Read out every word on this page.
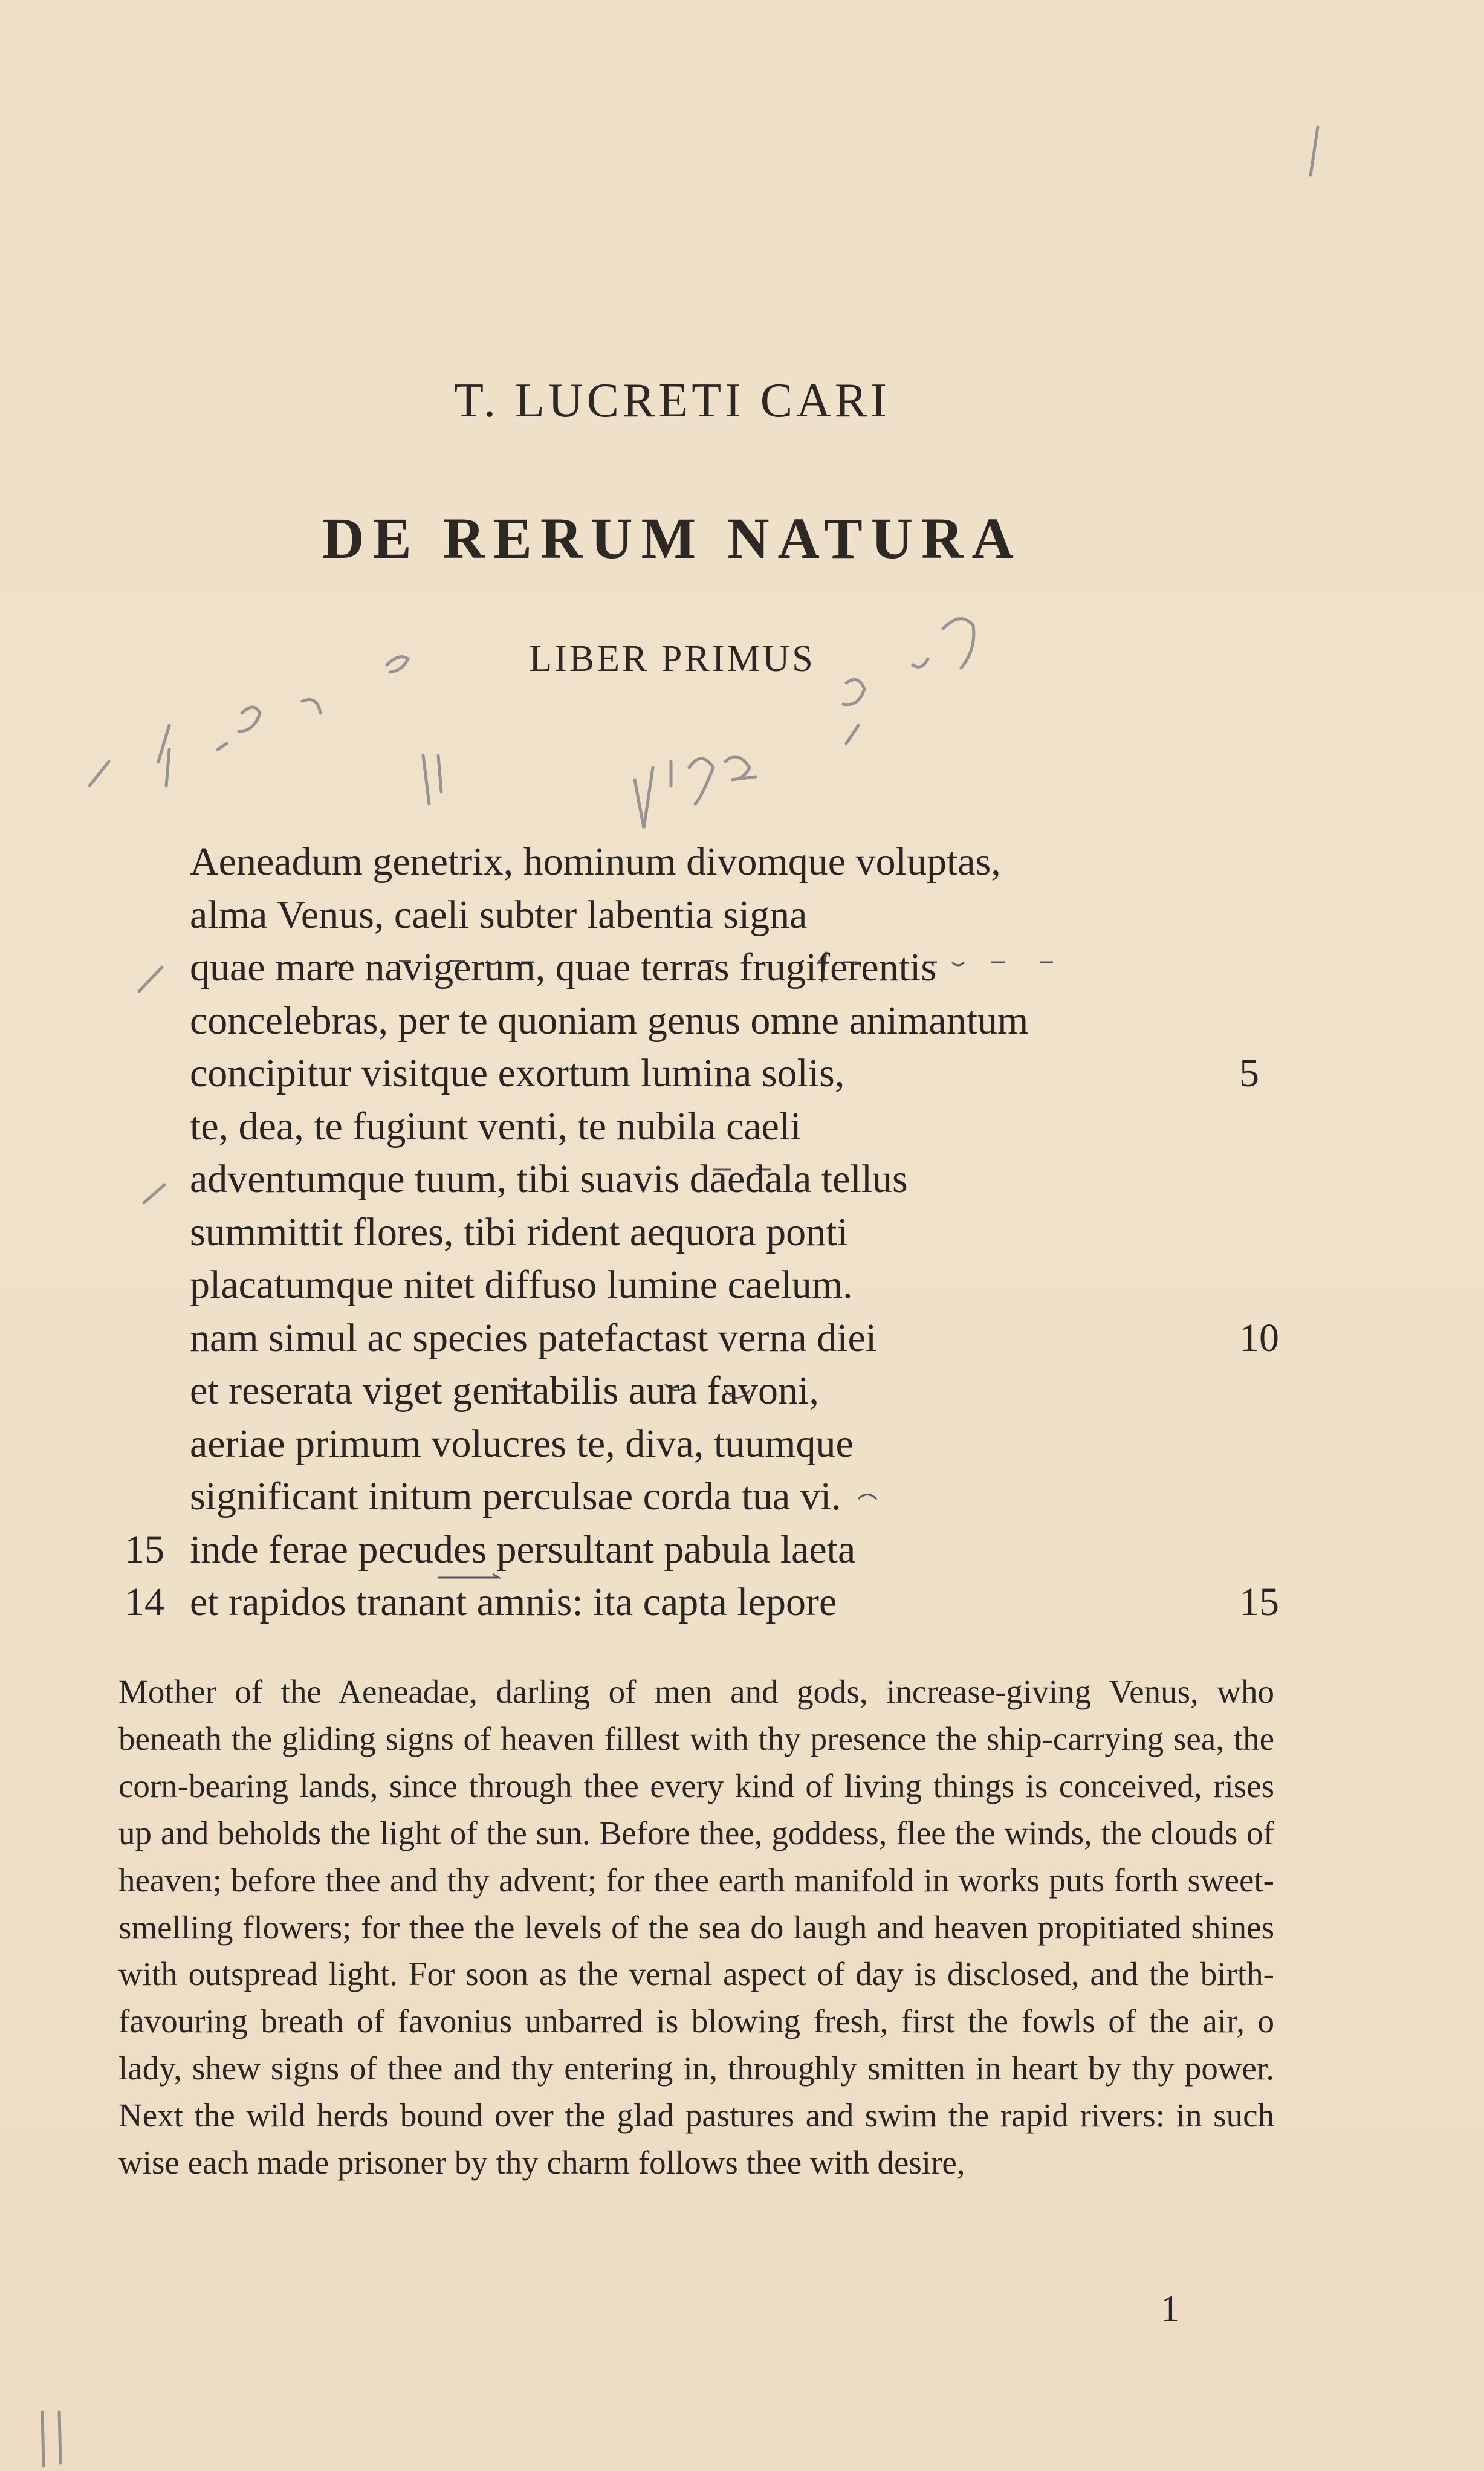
T. LUCRETI CARI
DE RERUM NATURA
LIBER PRIMUS
Aeneadum genetrix, hominum divomque voluptas,
alma Venus, caeli subter labentia signa
quae mare navigerum, quae terras frugiferentis
concelebras, per te quoniam genus omne animantum
concipitur visitque exortum lumina solis,	5
te, dea, te fugiunt venti, te nubila caeli
adventumque tuum, tibi suavis daedala tellus
summittit flores, tibi rident aequora ponti
placatumque nitet diffuso lumine caelum.
nam simul ac species patefactast verna diei	10
et reserata viget genitabilis aura favoni,
aeriae primum volucres te, diva, tuumque
significant initum perculsae corda tua vi.
15 inde ferae pecudes persultant pabula laeta
14 et rapidos tranant amnis: ita capta lepore	15
Mother of the Aeneadae, darling of men and gods, increase-giving Venus, who beneath the gliding signs of heaven fillest with thy presence the ship-carrying sea, the corn-bearing lands, since through thee every kind of living things is conceived, rises up and beholds the light of the sun. Before thee, goddess, flee the winds, the clouds of heaven; before thee and thy advent; for thee earth manifold in works puts forth sweet-smelling flowers; for thee the levels of the sea do laugh and heaven propitiated shines with outspread light. For soon as the vernal aspect of day is disclosed, and the birth-favouring breath of favonius unbarred is blowing fresh, first the fowls of the air, o lady, shew signs of thee and thy entering in, throughly smitten in heart by thy power. Next the wild herds bound over the glad pastures and swim the rapid rivers: in such wise each made prisoner by thy charm follows thee with desire,
1
